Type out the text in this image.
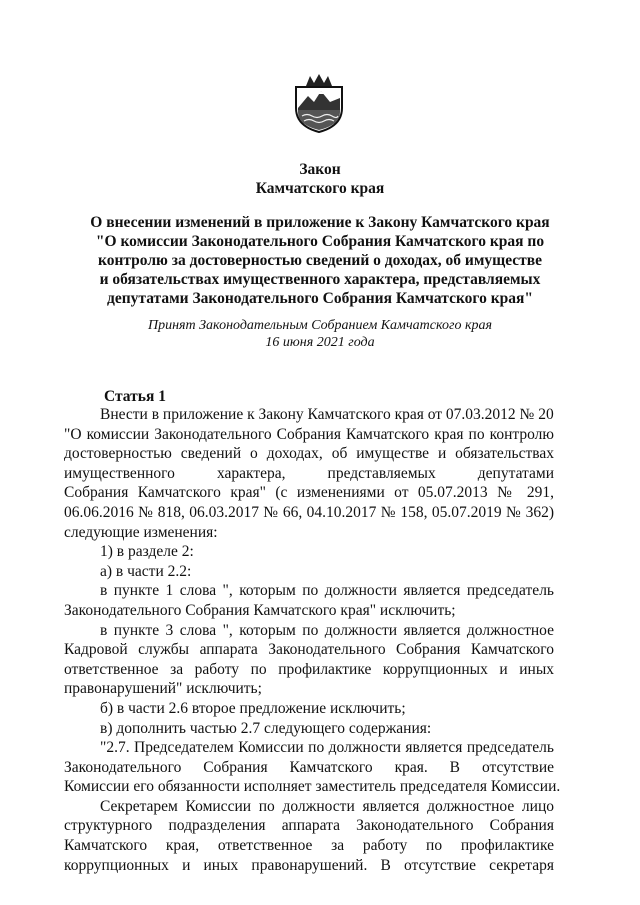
Закон
Камчатского края
О внесении изменений в приложение к Закону Камчатского края
"О комиссии Законодательного Собрания Камчатского края по
контролю за достоверностью сведений о доходах, об имуществе
и обязательствах имущественного характера, представляемых
депутатами Законодательного Собрания Камчатского края"
Принят Законодательным Собранием Камчатского края
16 июня 2021 года
Статья 1
Внести в приложение к Закону Камчатского края от 07.03.2012 № 20
"О комиссии Законодательного Собрания Камчатского края по контролю
достоверностью сведений о доходах, об имуществе и обязательствах
имущественного характера, представляемых депутатами
Собрания Камчатского края" (с изменениями от 05.07.2013 № 291,
06.06.2016 № 818, 06.03.2017 № 66, 04.10.2017 № 158, 05.07.2019 № 362)
следующие изменения:
1) в разделе 2:
а) в части 2.2:
в пункте 1 слова ", которым по должности является председатель
Законодательного Собрания Камчатского края" исключить;
в пункте 3 слова ", которым по должности является должностное
Кадровой службы аппарата Законодательного Собрания Камчатского
ответственное за работу по профилактике коррупционных и иных
правонарушений" исключить;
б) в части 2.6 второе предложение исключить;
в) дополнить частью 2.7 следующего содержания:
"2.7. Председателем Комиссии по должности является председатель
Законодательного Собрания Камчатского края. В отсутствие
Комиссии его обязанности исполняет заместитель председателя Комиссии.
Секретарем Комиссии по должности является должностное лицо
структурного подразделения аппарата Законодательного Собрания
Камчатского края, ответственное за работу по профилактике
коррупционных и иных правонарушений. В отсутствие секретаря
